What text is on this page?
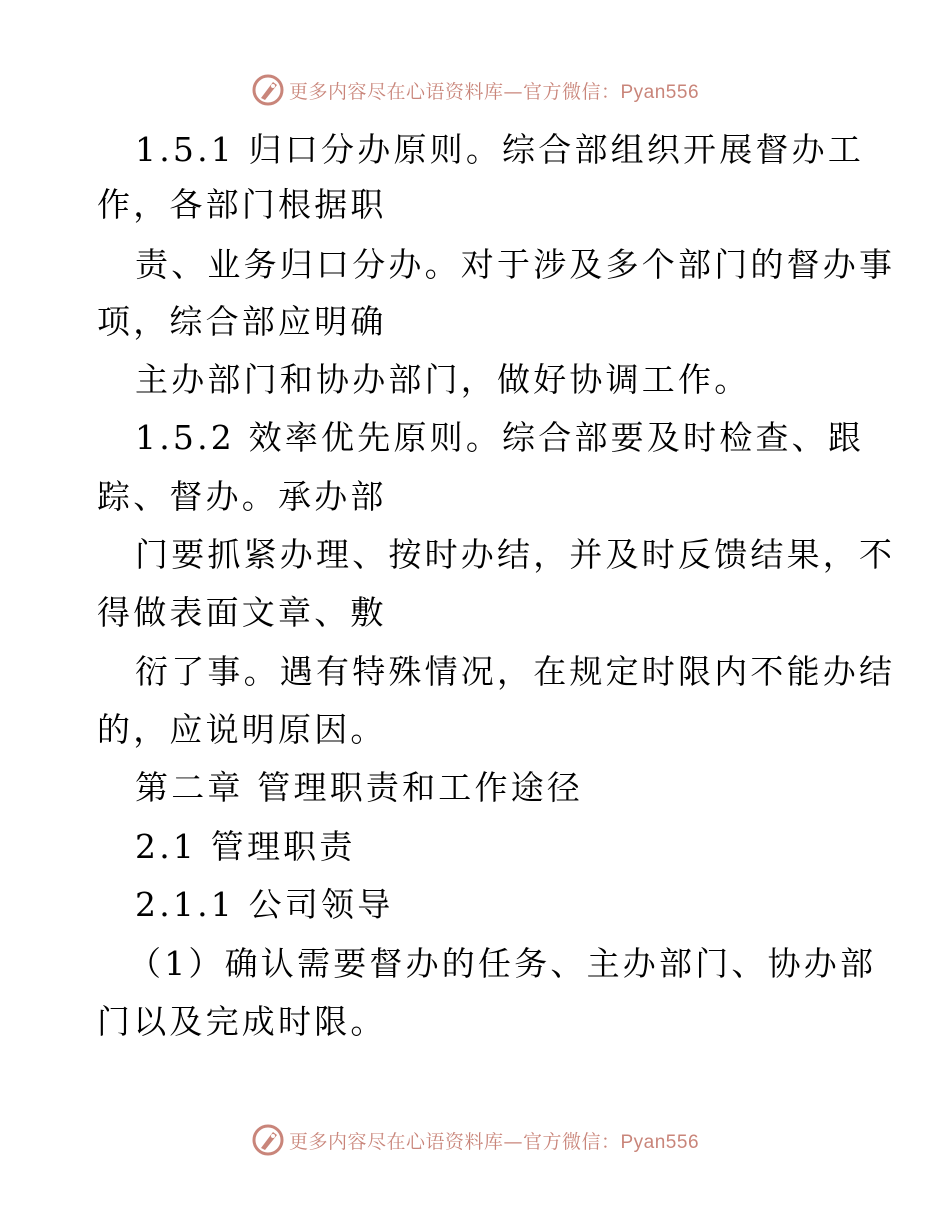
更多内容尽在心语资料库—官方微信：Pyan556
1.5.1 归口分办原则。综合部组织开展督办工
作，各部门根据职
责、业务归口分办。对于涉及多个部门的督办事
项，综合部应明确
主办部门和协办部门，做好协调工作。
1.5.2 效率优先原则。综合部要及时检查、跟
踪、督办。承办部
门要抓紧办理、按时办结，并及时反馈结果，不
得做表面文章、敷
衍了事。遇有特殊情况，在规定时限内不能办结
的，应说明原因。
第二章 管理职责和工作途径
2.1 管理职责
2.1.1 公司领导
（1）确认需要督办的任务、主办部门、协办部
门以及完成时限。
更多内容尽在心语资料库—官方微信：Pyan556
